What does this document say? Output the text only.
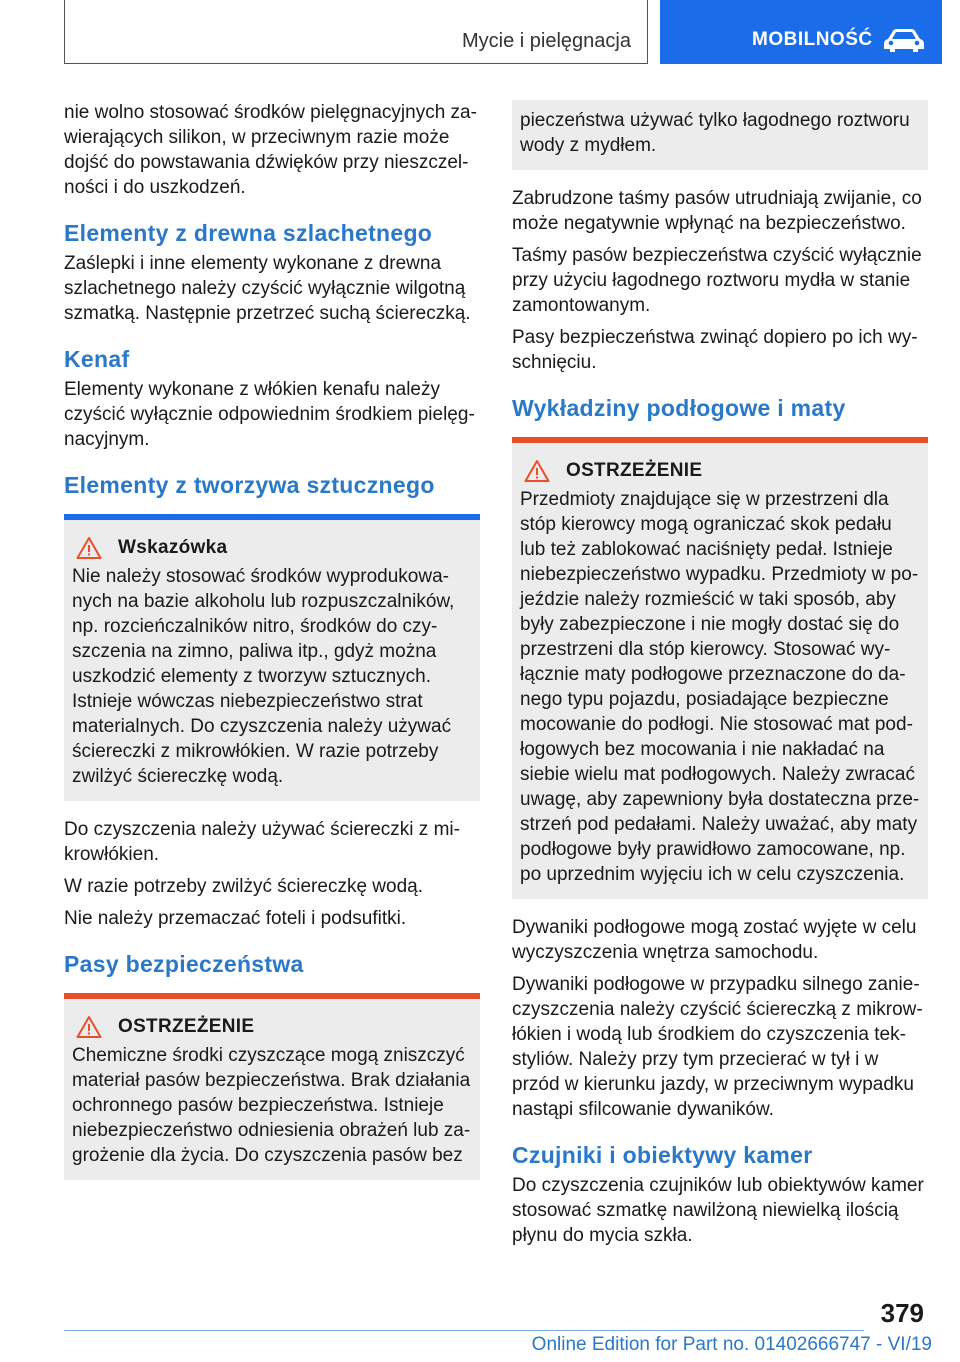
Mycie i pielęgnacja	MOBILNOŚĆ

nie wolno stosować środków pielęgnacyjnych zawierających silikon, w przeciwnym razie może dojść do powstawania dźwięków przy nieszczelności i do uszkodzeń.

Elementy z drewna szlachetnego

Zaślepki i inne elementy wykonane z drewna szlachetnego należy czyścić wyłącznie wilgotną szmatką. Następnie przetrzeć suchą ściereczką.

Kenaf

Elementy wykonane z włókien kenafu należy czyścić wyłącznie odpowiednim środkiem pielęgnacyjnym.

Elementy z tworzywa sztucznego
Wskazówka

Nie należy stosować środków wyprodukowanych na bazie alkoholu lub rozpuszczalników, np. rozcieńczalników nitro, środków do czyszczenia na zimno, paliwa itp., gdyż można uszkodzić elementy z tworzyw sztucznych. Istnieje wówczas niebezpieczeństwo strat materialnych. Do czyszczenia należy używać ściereczki z mikrowłókien. W razie potrzeby zwilżyć ściereczkę wodą.

Do czyszczenia należy używać ściereczki z mikrowłókien.

W razie potrzeby zwilżyć ściereczkę wodą.

Nie należy przemaczać foteli i podsufitki.

Pasy bezpieczeństwa
OSTRZEŻENIE

Chemiczne środki czyszczące mogą zniszczyć materiał pasów bezpieczeństwa. Brak działania ochronnego pasów bezpieczeństwa. Istnieje niebezpieczeństwo odniesienia obrażeń lub zagrożenie dla życia. Do czyszczenia pasów bez

pieczeństwa używać tylko łagodnego roztworu wody z mydłem.

Zabrudzone taśmy pasów utrudniają zwijanie, co może negatywnie wpłynąć na bezpieczeństwo.

Taśmy pasów bezpieczeństwa czyścić wyłącznie przy użyciu łagodnego roztworu mydła w stanie zamontowanym.

Pasy bezpieczeństwa zwinąć dopiero po ich wyschnięciu.

Wykładziny podłogowe i maty
OSTRZEŻENIE

Przedmioty znajdujące się w przestrzeni dla stóp kierowcy mogą ograniczać skok pedału lub też zablokować naciśnięty pedał. Istnieje niebezpieczeństwo wypadku. Przedmioty w pojeździe należy rozmieścić w taki sposób, aby były zabezpieczone i nie mogły dostać się do przestrzeni dla stóp kierowcy. Stosować wyłącznie maty podłogowe przeznaczone do danego typu pojazdu, posiadające bezpieczne mocowanie do podłogi. Nie stosować mat podłogowych bez mocowania i nie nakładać na siebie wielu mat podłogowych. Należy zwracać uwagę, aby zapewniony była dostateczna przestrzeń pod pedałami. Należy uważać, aby maty podłogowe były prawidłowo zamocowane, np. po uprzednim wyjęciu ich w celu czyszczenia.

Dywaniki podłogowe mogą zostać wyjęte w celu wyczyszczenia wnętrza samochodu.

Dywaniki podłogowe w przypadku silnego zanieczyszczenia należy czyścić ściereczką z mikrowłókien i wodą lub środkiem do czyszczenia tekstyliów. Należy przy tym przecierać w tył i w przód w kierunku jazdy, w przeciwnym wypadku nastąpi sfilcowanie dywaników.

Czujniki i obiektywy kamer

Do czyszczenia czujników lub obiektywów kamer stosować szmatkę nawilżoną niewielką ilością płynu do mycia szkła.

379
Online Edition for Part no. 01402666747 - VI/19
